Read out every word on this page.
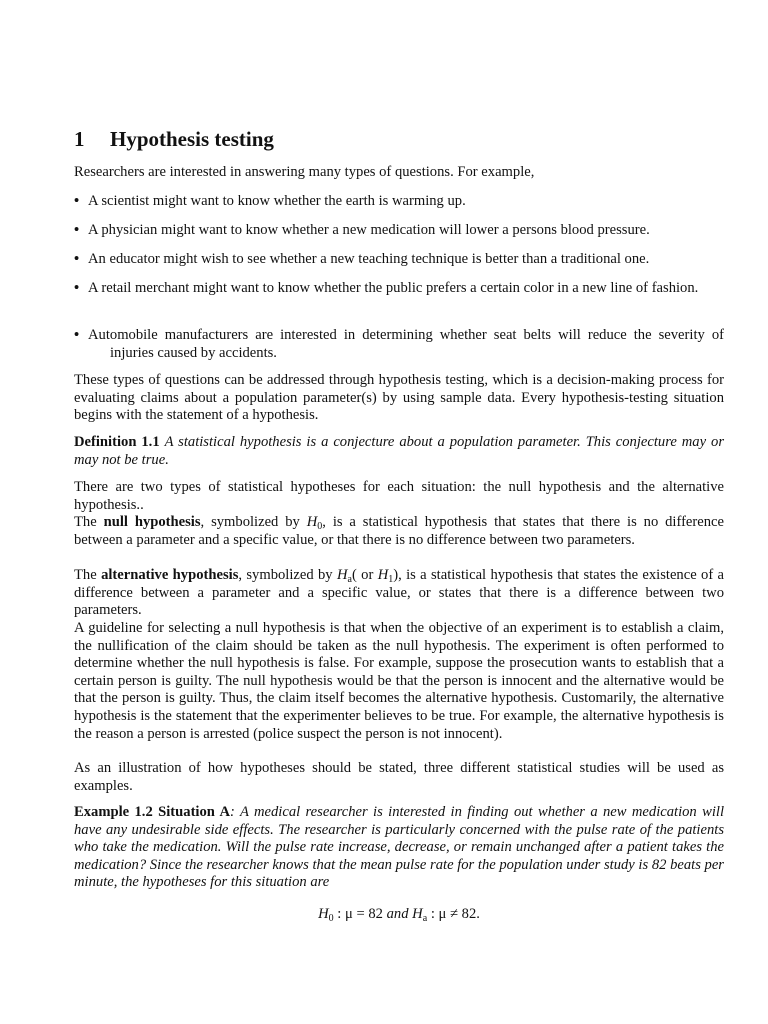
1 Hypothesis testing

Researchers are interested in answering many types of questions. For example,

• A scientist might want to know whether the earth is warming up.
• A physician might want to know whether a new medication will lower a persons blood pressure.
• An educator might wish to see whether a new teaching technique is better than a traditional one.
• A retail merchant might want to know whether the public prefers a certain color in a new line of fashion.
• Automobile manufacturers are interested in determining whether seat belts will reduce the severity of injuries caused by accidents.

These types of questions can be addressed through hypothesis testing, which is a decision-making process for evaluating claims about a population parameter(s) by using sample data. Every hypothesis-testing situation begins with the statement of a hypothesis.

Definition 1.1 A statistical hypothesis is a conjecture about a population parameter. This conjecture may or may not be true.

There are two types of statistical hypotheses for each situation: the null hypothesis and the alternative hypothesis..

The null hypothesis, symbolized by $H_0$, is a statistical hypothesis that states that there is no difference between a parameter and a specific value, or that there is no difference between two parameters.

The alternative hypothesis, symbolized by $H_a$( or $H_1$), is a statistical hypothesis that states the existence of a difference between a parameter and a specific value, or states that there is a difference between two parameters.

A guideline for selecting a null hypothesis is that when the objective of an experiment is to establish a claim, the nullification of the claim should be taken as the null hypothesis. The experiment is often performed to determine whether the null hypothesis is false. For example, suppose the prosecution wants to establish that a certain person is guilty. The null hypothesis would be that the person is innocent and the alternative would be that the person is guilty. Thus, the claim itself becomes the alternative hypothesis. Customarily, the alternative hypothesis is the statement that the experimenter believes to be true. For example, the alternative hypothesis is the reason a person is arrested (police suspect the person is not innocent).

As an illustration of how hypotheses should be stated, three different statistical studies will be used as examples.

Example 1.2 Situation A: A medical researcher is interested in finding out whether a new medication will have any undesirable side effects. The researcher is particularly concerned with the pulse rate of the patients who take the medication. Will the pulse rate increase, decrease, or remain unchanged after a patient takes the medication? Since the researcher knows that the mean pulse rate for the population under study is 82 beats per minute, the hypotheses for this situation are

$H_0$ : μ = 82 and $H_a$ : μ ≠ 82.
